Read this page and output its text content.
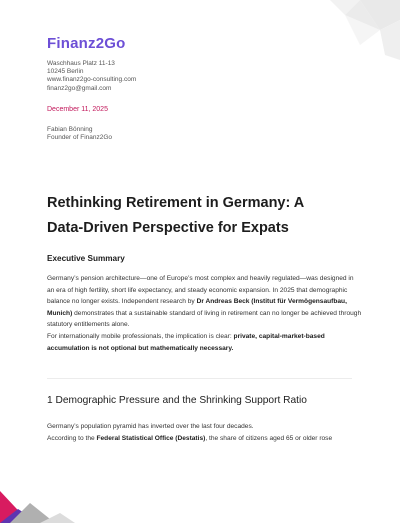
Finanz2Go
Waschhaus Platz 11-13
10245 Berlin
www.finanz2go-consulting.com
finanz2go@gmail.com
December 11, 2025
Fabian Bönning
Founder of Finanz2Go
Rethinking Retirement in Germany: A
Data-Driven Perspective for Expats
Executive Summary

Germany’s pension architecture—one of Europe’s most complex and heavily regulated—was designed in an era of high fertility, short life expectancy, and steady economic expansion. In 2025 that demographic balance no longer exists. Independent research by Dr Andreas Beck (Institut für Vermögensaufbau, Munich) demonstrates that a sustainable standard of living in retirement can no longer be achieved through statutory entitlements alone.

For internationally mobile professionals, the implication is clear: private, capital-market-based accumulation is not optional but mathematically necessary.

1 Demographic Pressure and the Shrinking Support Ratio

Germany’s population pyramid has inverted over the last four decades.

According to the Federal Statistical Office (Destatis), the share of citizens aged 65 or older rose
